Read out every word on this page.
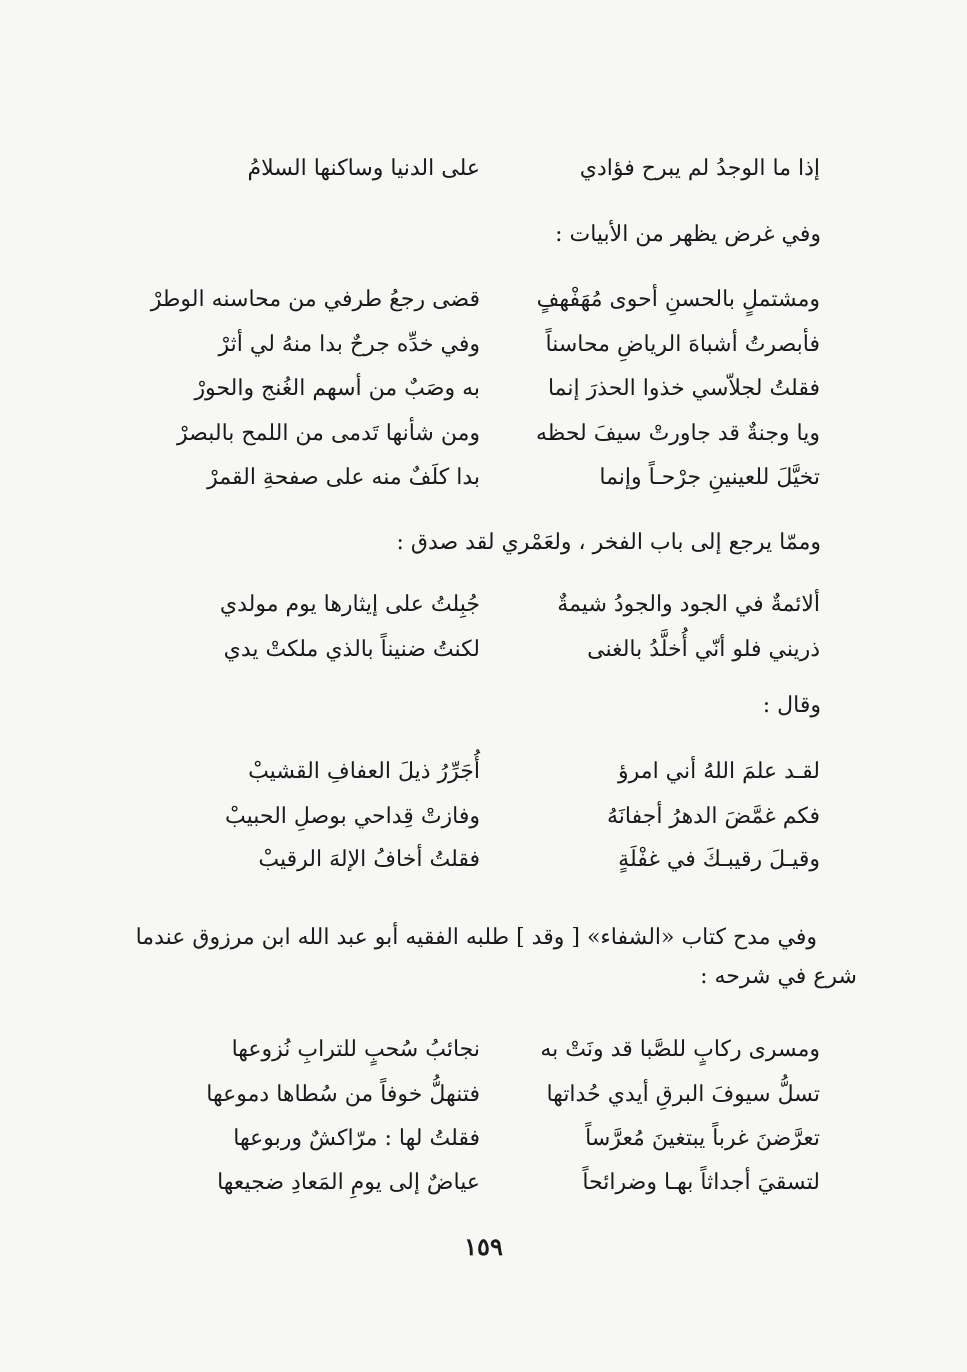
إذا ما الوجدُ لم يبرح فؤادي
على الدنيا وساكنها السلامُ
وفي غرض يظهر من الأبيات :
ومشتملٍ بالحسنِ أحوى مُهَفْهفٍ
قضى رجعُ طرفي من محاسنه الوطرْ
فأبصرتُ أشباهَ الرياضِ محاسناً
وفي خدِّه جرحٌ بدا منهُ لي أثرْ
فقلتُ لجلاّسي خذوا الحذرَ إنما
به وصَبٌ من أسهم الغُنج والحورْ
ويا وجنةٌ قد جاورتْ سيفَ لحظه
ومن شأنها تَدمى من اللمح بالبصرْ
تخيَّلَ للعينينِ جرْحـاً وإنما
بدا كلَفٌ منه على صفحةِ القمرْ
وممّا يرجع إلى باب الفخر ، ولعَمْري لقد صدق :
ألائمةٌ في الجود والجودُ شيمةٌ
جُبِلتُ على إيثارها يوم مولدي
ذريني فلو أنّي أُخلَّدُ بالغنى
لكنتُ ضنيناً بالذي ملكتْ يدي
وقال :
لقـد علمَ اللهُ أني امرؤ
أُجَرِّرُ ذيلَ العفافِ القشيبْ
فكم غمَّضَ الدهرُ أجفانَهُ
وفازتْ قِداحي بوصلِ الحبيبْ
وقيـلَ رقيبـكَ في غفْلَةٍ
فقلتُ أخافُ الإلهَ الرقيبْ
وفي مدح كتاب «الشفاء» [ وقد ] طلبه الفقيه أبو عبد الله ابن مرزوق عندما
شرع في شرحه :
ومسرى ركابٍ للصَّبا قد ونَتْ به
نجائبُ سُحبٍ للترابِ نُزوعها
تسلُّ سيوفَ البرقِ أيدي حُداتها
فتنهلُّ خوفاً من سُطاها دموعها
تعرَّضنَ غرباً يبتغينَ مُعرَّساً
فقلتُ لها : مرّاكشٌ وربوعها
لتسقيَ أجداثاً بهـا وضرائحاً
عياضٌ إلى يومِ المَعادِ ضجيعها
١٥٩
